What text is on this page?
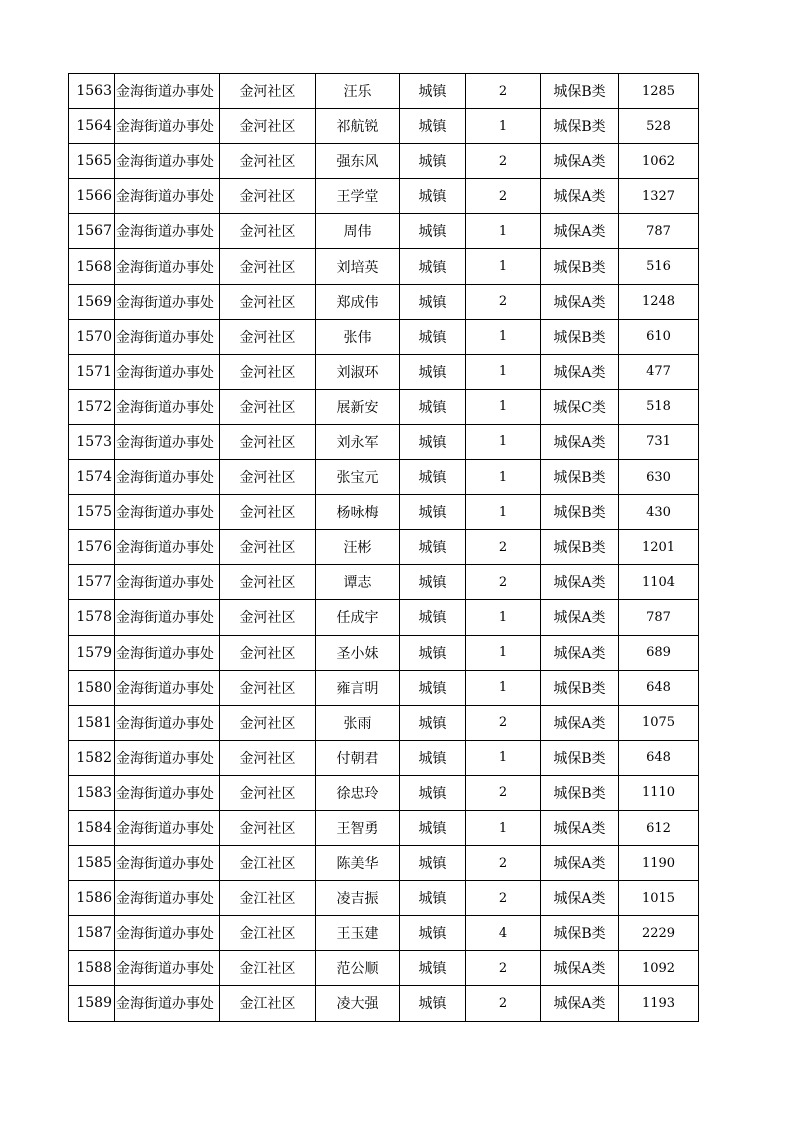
1563	金海街道办事处	金河社区	汪乐	城镇	2	城保B类	1285
1564	金海街道办事处	金河社区	祁航锐	城镇	1	城保B类	528
1565	金海街道办事处	金河社区	强东风	城镇	2	城保A类	1062
1566	金海街道办事处	金河社区	王学堂	城镇	2	城保A类	1327
1567	金海街道办事处	金河社区	周伟	城镇	1	城保A类	787
1568	金海街道办事处	金河社区	刘培英	城镇	1	城保B类	516
1569	金海街道办事处	金河社区	郑成伟	城镇	2	城保A类	1248
1570	金海街道办事处	金河社区	张伟	城镇	1	城保B类	610
1571	金海街道办事处	金河社区	刘淑环	城镇	1	城保A类	477
1572	金海街道办事处	金河社区	展新安	城镇	1	城保C类	518
1573	金海街道办事处	金河社区	刘永军	城镇	1	城保A类	731
1574	金海街道办事处	金河社区	张宝元	城镇	1	城保B类	630
1575	金海街道办事处	金河社区	杨咏梅	城镇	1	城保B类	430
1576	金海街道办事处	金河社区	汪彬	城镇	2	城保B类	1201
1577	金海街道办事处	金河社区	谭志	城镇	2	城保A类	1104
1578	金海街道办事处	金河社区	任成宇	城镇	1	城保A类	787
1579	金海街道办事处	金河社区	圣小妹	城镇	1	城保A类	689
1580	金海街道办事处	金河社区	雍言明	城镇	1	城保B类	648
1581	金海街道办事处	金河社区	张雨	城镇	2	城保A类	1075
1582	金海街道办事处	金河社区	付朝君	城镇	1	城保B类	648
1583	金海街道办事处	金河社区	徐忠玲	城镇	2	城保B类	1110
1584	金海街道办事处	金河社区	王智勇	城镇	1	城保A类	612
1585	金海街道办事处	金江社区	陈美华	城镇	2	城保A类	1190
1586	金海街道办事处	金江社区	凌吉振	城镇	2	城保A类	1015
1587	金海街道办事处	金江社区	王玉建	城镇	4	城保B类	2229
1588	金海街道办事处	金江社区	范公顺	城镇	2	城保A类	1092
1589	金海街道办事处	金江社区	凌大强	城镇	2	城保A类	1193
